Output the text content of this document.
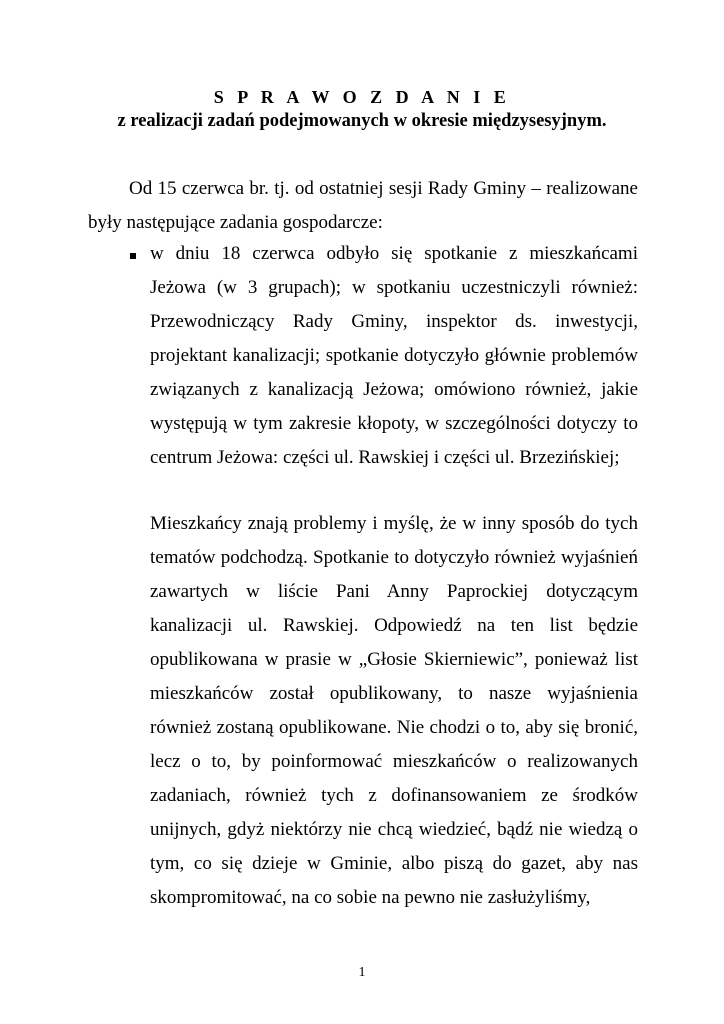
S P R A W O Z D A N I E
z realizacji zadań podejmowanych w okresie międzysesyjnym.

Od 15 czerwca br. tj. od ostatniej sesji Rady Gminy – realizowane były następujące zadania gospodarcze:

w dniu 18 czerwca odbyło się spotkanie z mieszkańcami Jeżowa (w 3 grupach); w spotkaniu uczestniczyli również: Przewodniczący Rady Gminy, inspektor ds. inwestycji, projektant kanalizacji; spotkanie dotyczyło głównie problemów związanych z kanalizacją Jeżowa; omówiono również, jakie występują w tym zakresie kłopoty, w szczególności dotyczy to centrum Jeżowa: części ul. Rawskiej i części ul. Brzezińskiej;

Mieszkańcy znają problemy i myślę, że w inny sposób do tych tematów podchodzą. Spotkanie to dotyczyło również wyjaśnień zawartych w liście Pani Anny Paprockiej dotyczącym kanalizacji ul. Rawskiej. Odpowiedź na ten list będzie opublikowana w prasie w „Głosie Skierniewic”, ponieważ list mieszkańców został opublikowany, to nasze wyjaśnienia również zostaną opublikowane. Nie chodzi o to, aby się bronić, lecz o to, by poinformować mieszkańców o realizowanych zadaniach, również tych z dofinansowaniem ze środków unijnych, gdyż niektórzy nie chcą wiedzieć, bądź nie wiedzą o tym, co się dzieje w Gminie, albo piszą do gazet, aby nas skompromitować, na co sobie na pewno nie zasłużyliśmy,

1
